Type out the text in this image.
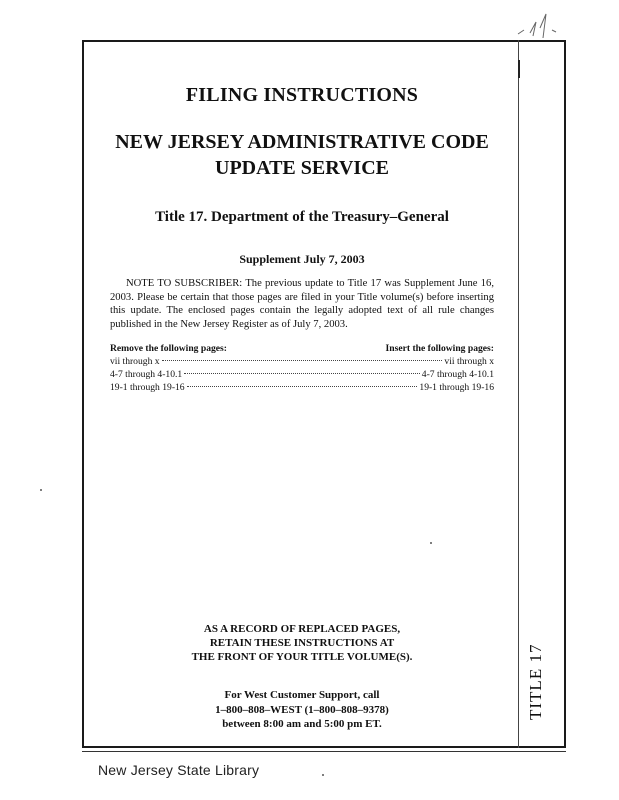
FILING INSTRUCTIONS
NEW JERSEY ADMINISTRATIVE CODE
UPDATE SERVICE
Title 17. Department of the Treasury–General
Supplement July 7, 2003

NOTE TO SUBSCRIBER: The previous update to Title 17 was Supplement June 16, 2003. Please be certain that those pages are filed in your Title volume(s) before inserting this update. The enclosed pages contain the legally adopted text of all rule changes published in the New Jersey Register as of July 7, 2003.

Remove the following pages:	Insert the following pages:
vii through x	vii through x
4-7 through 4-10.1	4-7 through 4-10.1
19-1 through 19-16	19-1 through 19-16
AS A RECORD OF REPLACED PAGES,
RETAIN THESE INSTRUCTIONS AT
THE FRONT OF YOUR TITLE VOLUME(S).
For West Customer Support, call
1–800–808–WEST (1–800–808–9378)
between 8:00 am and 5:00 pm ET.
TITLE 17
New Jersey State Library
